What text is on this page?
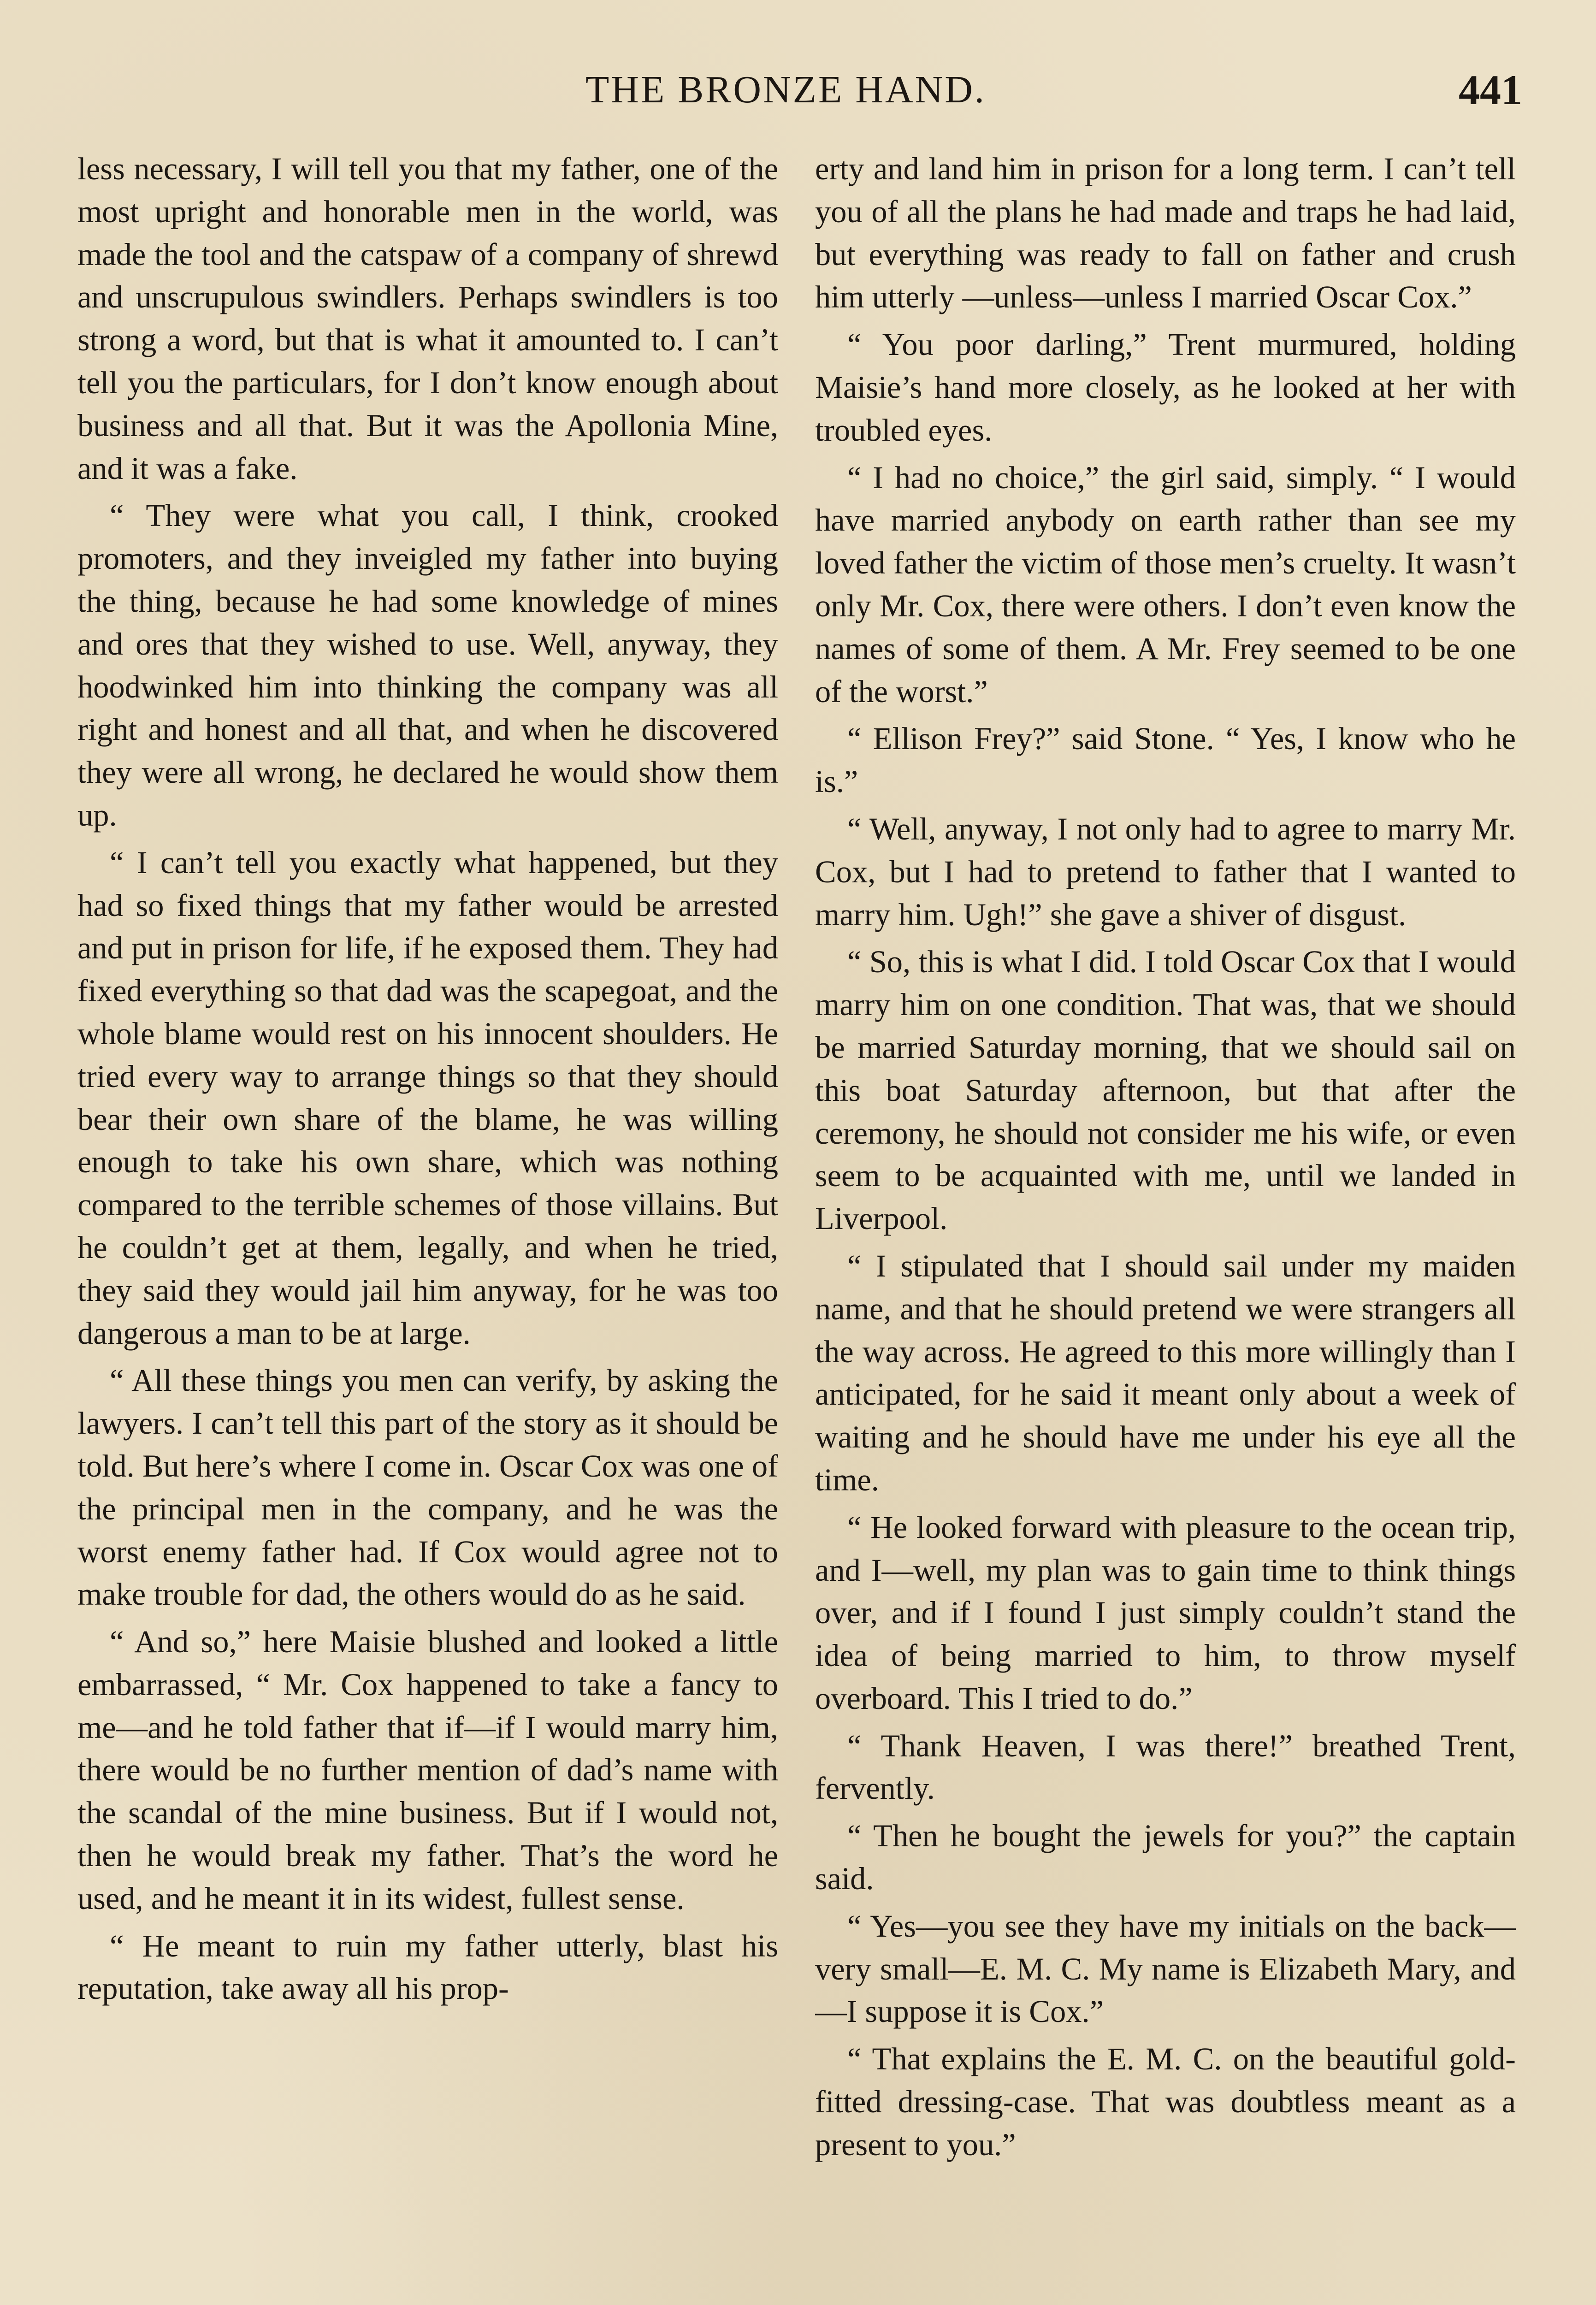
THE BRONZE HAND.	441

less necessary, I will tell you that my father, one of the most upright and honorable men in the world, was made the tool and the catspaw of a company of shrewd and unscrupulous swindlers. Perhaps swindlers is too strong a word, but that is what it amounted to. I can’t tell you the particulars, for I don’t know enough about business and all that. But it was the Apollonia Mine, and it was a fake.

“ They were what you call, I think, crooked promoters, and they inveigled my father into buying the thing, because he had some knowledge of mines and ores that they wished to use. Well, anyway, they hoodwinked him into thinking the company was all right and honest and all that, and when he discovered they were all wrong, he declared he would show them up.

“ I can’t tell you exactly what happened, but they had so fixed things that my father would be arrested and put in prison for life, if he exposed them. They had fixed everything so that dad was the scapegoat, and the whole blame would rest on his innocent shoulders. He tried every way to arrange things so that they should bear their own share of the blame, he was willing enough to take his own share, which was nothing compared to the terrible schemes of those villains. But he couldn’t get at them, legally, and when he tried, they said they would jail him anyway, for he was too dangerous a man to be at large.

“ All these things you men can verify, by asking the lawyers. I can’t tell this part of the story as it should be told. But here’s where I come in. Oscar Cox was one of the principal men in the company, and he was the worst enemy father had. If Cox would agree not to make trouble for dad, the others would do as he said.

“ And so,” here Maisie blushed and looked a little embarrassed, “ Mr. Cox happened to take a fancy to me—and he told father that if—if I would marry him, there would be no further mention of dad’s name with the scandal of the mine business. But if I would not, then he would break my father. That’s the word he used, and he meant it in its widest, fullest sense.

“ He meant to ruin my father utterly, blast his reputation, take away all his prop-

erty and land him in prison for a long term. I can’t tell you of all the plans he had made and traps he had laid, but everything was ready to fall on father and crush him utterly —unless—unless I married Oscar Cox.”

“ You poor darling,” Trent murmured, holding Maisie’s hand more closely, as he looked at her with troubled eyes.

“ I had no choice,” the girl said, simply. “ I would have married anybody on earth rather than see my loved father the victim of those men’s cruelty. It wasn’t only Mr. Cox, there were others. I don’t even know the names of some of them. A Mr. Frey seemed to be one of the worst.”

“ Ellison Frey?” said Stone. “ Yes, I know who he is.”

“ Well, anyway, I not only had to agree to marry Mr. Cox, but I had to pretend to father that I wanted to marry him. Ugh!” she gave a shiver of disgust.

“ So, this is what I did. I told Oscar Cox that I would marry him on one condition. That was, that we should be married Saturday morning, that we should sail on this boat Saturday afternoon, but that after the ceremony, he should not consider me his wife, or even seem to be acquainted with me, until we landed in Liverpool.

“ I stipulated that I should sail under my maiden name, and that he should pretend we were strangers all the way across. He agreed to this more willingly than I anticipated, for he said it meant only about a week of waiting and he should have me under his eye all the time.

“ He looked forward with pleasure to the ocean trip, and I—well, my plan was to gain time to think things over, and if I found I just simply couldn’t stand the idea of being married to him, to throw myself overboard. This I tried to do.”

“ Thank Heaven, I was there!” breathed Trent, fervently.

“ Then he bought the jewels for you?” the captain said.

“ Yes—you see they have my initials on the back—very small—E. M. C. My name is Elizabeth Mary, and—I suppose it is Cox.”

“ That explains the E. M. C. on the beautiful gold-fitted dressing-case. That was doubtless meant as a present to you.”
